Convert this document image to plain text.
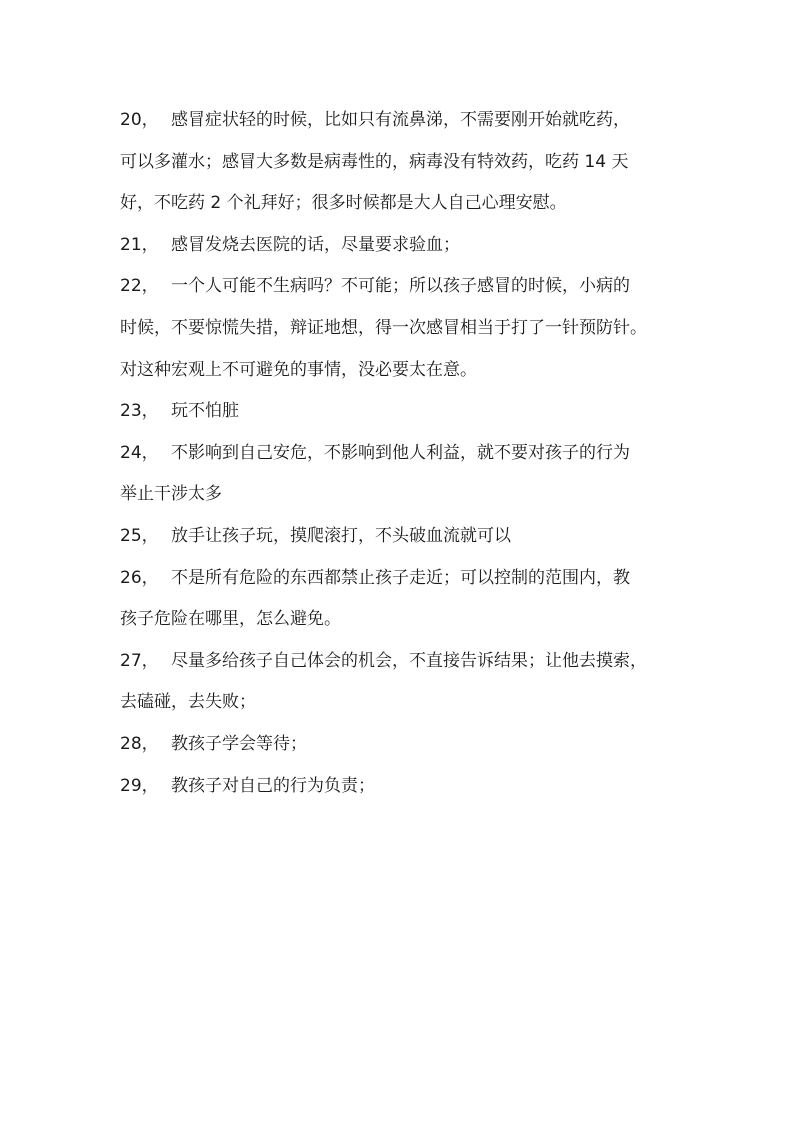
20， 感冒症状轻的时候，比如只有流鼻涕，不需要刚开始就吃药，
可以多灌水；感冒大多数是病毒性的，病毒没有特效药，吃药 14 天
好，不吃药 2 个礼拜好；很多时候都是大人自己心理安慰。
21， 感冒发烧去医院的话，尽量要求验血；
22， 一个人可能不生病吗？不可能；所以孩子感冒的时候，小病的
时候，不要惊慌失措，辩证地想，得一次感冒相当于打了一针预防针。
对这种宏观上不可避免的事情，没必要太在意。
23， 玩不怕脏
24， 不影响到自己安危，不影响到他人利益，就不要对孩子的行为
举止干涉太多
25， 放手让孩子玩，摸爬滚打，不头破血流就可以
26， 不是所有危险的东西都禁止孩子走近；可以控制的范围内，教
孩子危险在哪里，怎么避免。
27， 尽量多给孩子自己体会的机会，不直接告诉结果；让他去摸索，
去磕碰，去失败；
28， 教孩子学会等待；
29， 教孩子对自己的行为负责；
